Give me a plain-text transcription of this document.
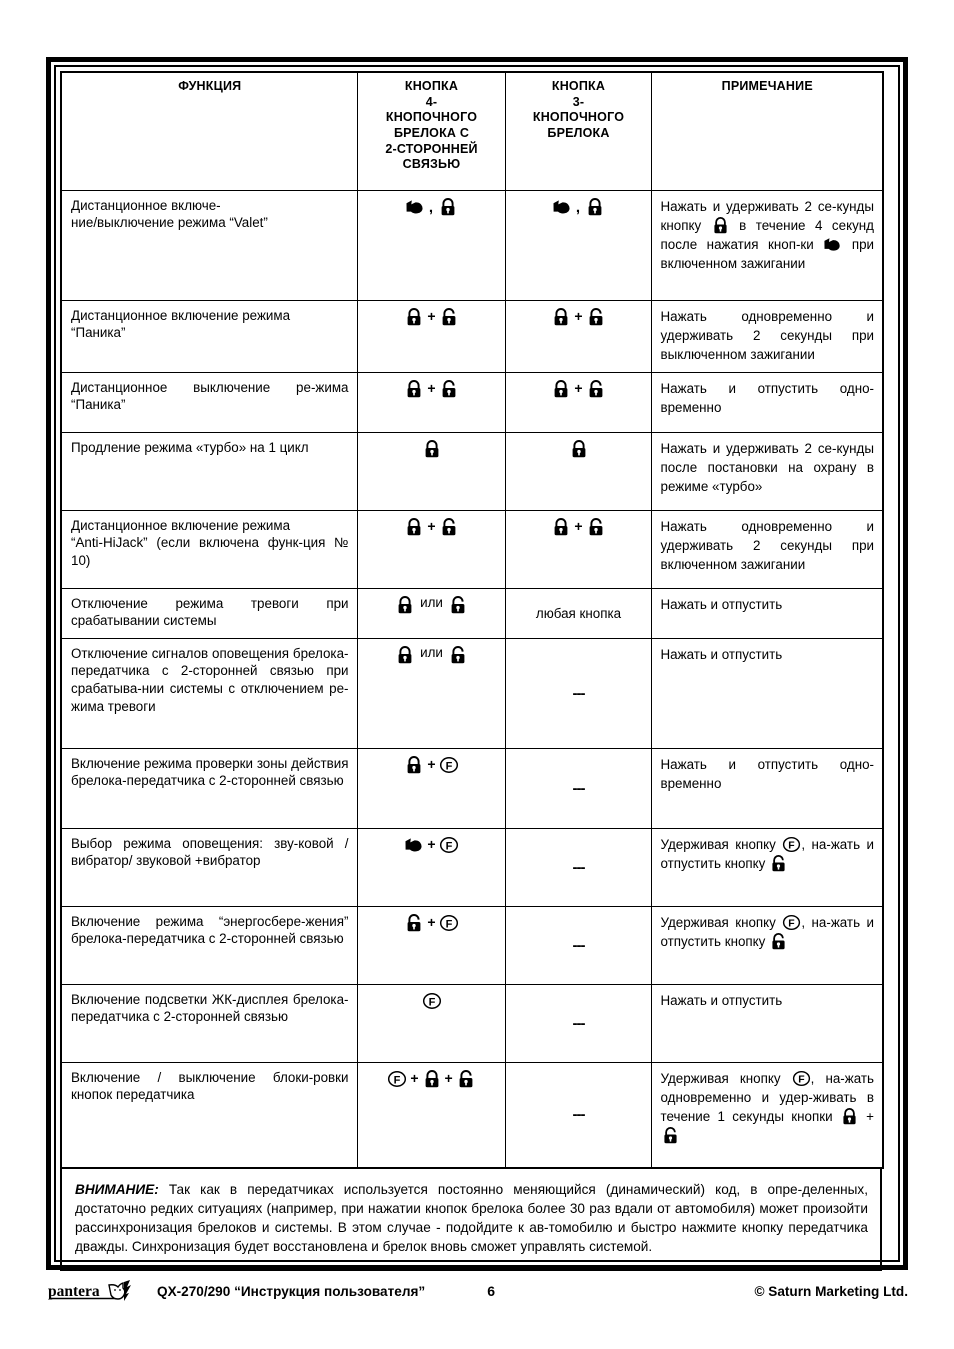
ФУНКЦИЯ	КНОПКА
4-
КНОПОЧНОГО
БРЕЛОКА С
2-СТОРОННЕЙ
СВЯЗЬЮ	КНОПКА
3-
КНОПОЧНОГО
БРЕЛОКА	ПРИМЕЧАНИЕ
Дистанционное включе-
ние/выключение режима “Valet”	,	,	Нажать и удерживать 2 се-кунды кнопку  в течение 4 секунд после нажатия кноп-ки  при включенном зажигании
Дистанционное включение режима
“Паника”	+	+	Нажать одновременно и удерживать 2 секунды при выключенном зажигании
Дистанционное выключение ре-жима “Паника”	+	+	Нажать и отпустить одно-временно
Продление режима «турбо» на 1 цикл			Нажать и удерживать 2 се-кунды после постановки на охрану в режиме «турбо»
Дистанционное включение режима
“Anti-HiJack” (если включена функ-ция № 10)	+	+	Нажать одновременно и удерживать 2 секунды при включенном зажигании
Отключение режима тревоги при срабатывании системы	или	любая кнопка	Нажать и отпустить
Отключение сигналов оповещения брелока-передатчика с 2-сторонней связью при срабатыва-нии системы с отключением ре-жима тревоги	или	---	Нажать и отпустить
Включение режима проверки зоны действия брелока-передатчика с 2-сторонней связью	+ F	---	Нажать и отпустить одно-временно
Выбор режима оповещения: зву-ковой / вибратор/ звуковой +вибратор	+ F	---	Удерживая кнопку F , на-жать и отпустить кнопку
Включение режима “энергосбере-жения” брелока-передатчика с 2-сторонней связью	+ F	---	Удерживая кнопку F , на-жать и отпустить кнопку
Включение подсветки ЖК-дисплея брелока-передатчика с 2-сторонней связью	F	---	Нажать и отпустить
Включение / выключение блоки-ровки кнопок передатчика	F + +	---	Удерживая кнопку F , на-жать одновременно и удер-живать в течение 1 секунды кнопки  +
ВНИМАНИЕ: Так как в передатчиках используется постоянно меняющийся (динамический) код, в опре-деленных, достаточно редких ситуациях (например, при нажатии кнопок брелока более 30 раз вдали от автомобиля) может произойти рассинхронизация брелоков и системы. В этом случае - подойдите к ав-томобилю и быстро нажмите кнопку передатчика дважды. Синхронизация будет восстановлена и брелок вновь сможет управлять системой.
pantera	QX-270/290 “Инструкция пользователя”	6	© Saturn Marketing Ltd.
